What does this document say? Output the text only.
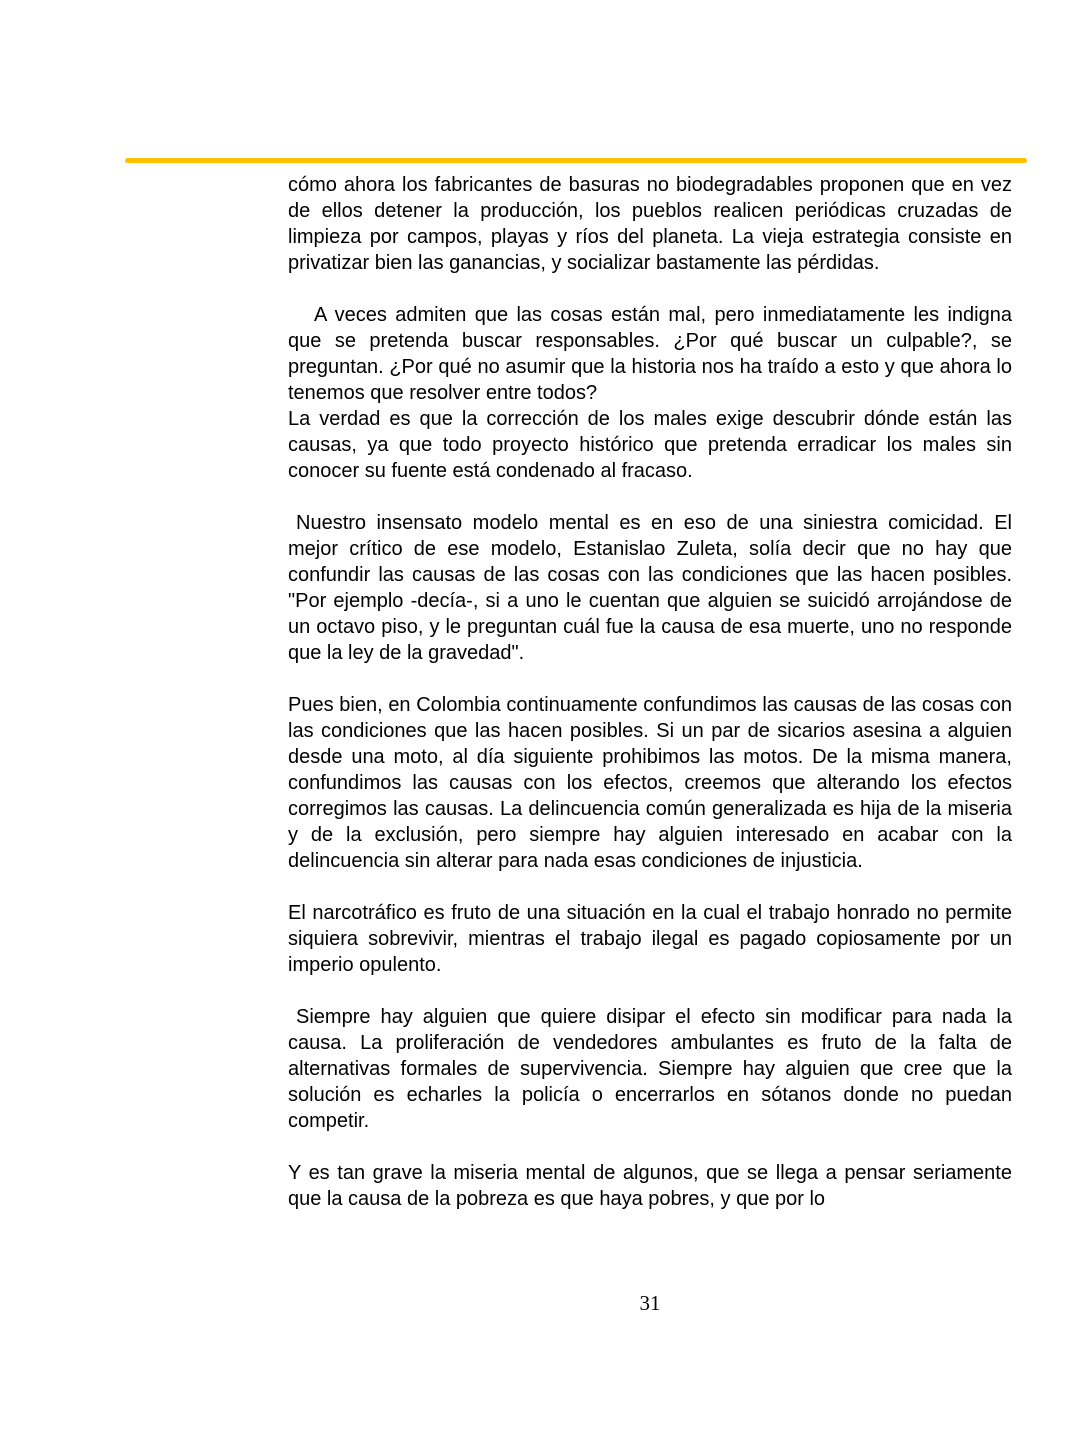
cómo ahora los fabricantes de basuras no biodegradables proponen que en vez de ellos detener la producción, los pueblos realicen periódicas cruzadas de limpieza por campos, playas y ríos del planeta. La vieja estrategia consiste en privatizar bien las ganancias, y socializar bastamente las pérdidas.

A veces admiten que las cosas están mal, pero inmediatamente les indigna que se pretenda buscar responsables. ¿Por qué buscar un culpable?, se preguntan. ¿Por qué no asumir que la historia nos ha traído a esto y que ahora lo tenemos que resolver entre todos?

La verdad es que la corrección de los males exige descubrir dónde están las causas, ya que todo proyecto histórico que pretenda erradicar los males sin conocer su fuente está condenado al fracaso.

Nuestro insensato modelo mental es en eso de una siniestra comicidad. El mejor crítico de ese modelo, Estanislao Zuleta, solía decir que no hay que confundir las causas de las cosas con las condiciones que las hacen posibles. "Por ejemplo -decía-, si a uno le cuentan que alguien se suicidó arrojándose de un octavo piso, y le preguntan cuál fue la causa de esa muerte, uno no responde que la ley de la gravedad".

Pues bien, en Colombia continuamente confundimos las causas de las cosas con las condiciones que las hacen posibles. Si un par de sicarios asesina a alguien desde una moto, al día siguiente prohibimos las motos. De la misma manera, confundimos las causas con los efectos, creemos que alterando los efectos corregimos las causas. La delincuencia común generalizada es hija de la miseria y de la exclusión, pero siempre hay alguien interesado en acabar con la delincuencia sin alterar para nada esas condiciones de injusticia.

El narcotráfico es fruto de una situación en la cual el trabajo honrado no permite siquiera sobrevivir, mientras el trabajo ilegal es pagado copiosamente por un imperio opulento.

Siempre hay alguien que quiere disipar el efecto sin modificar para nada la causa. La proliferación de vendedores ambulantes es fruto de la falta de alternativas formales de supervivencia. Siempre hay alguien que cree que la solución es echarles la policía o encerrarlos en sótanos donde no puedan competir.

Y es tan grave la miseria mental de algunos, que se llega a pensar seriamente que la causa de la pobreza es que haya pobres, y que por lo

31
